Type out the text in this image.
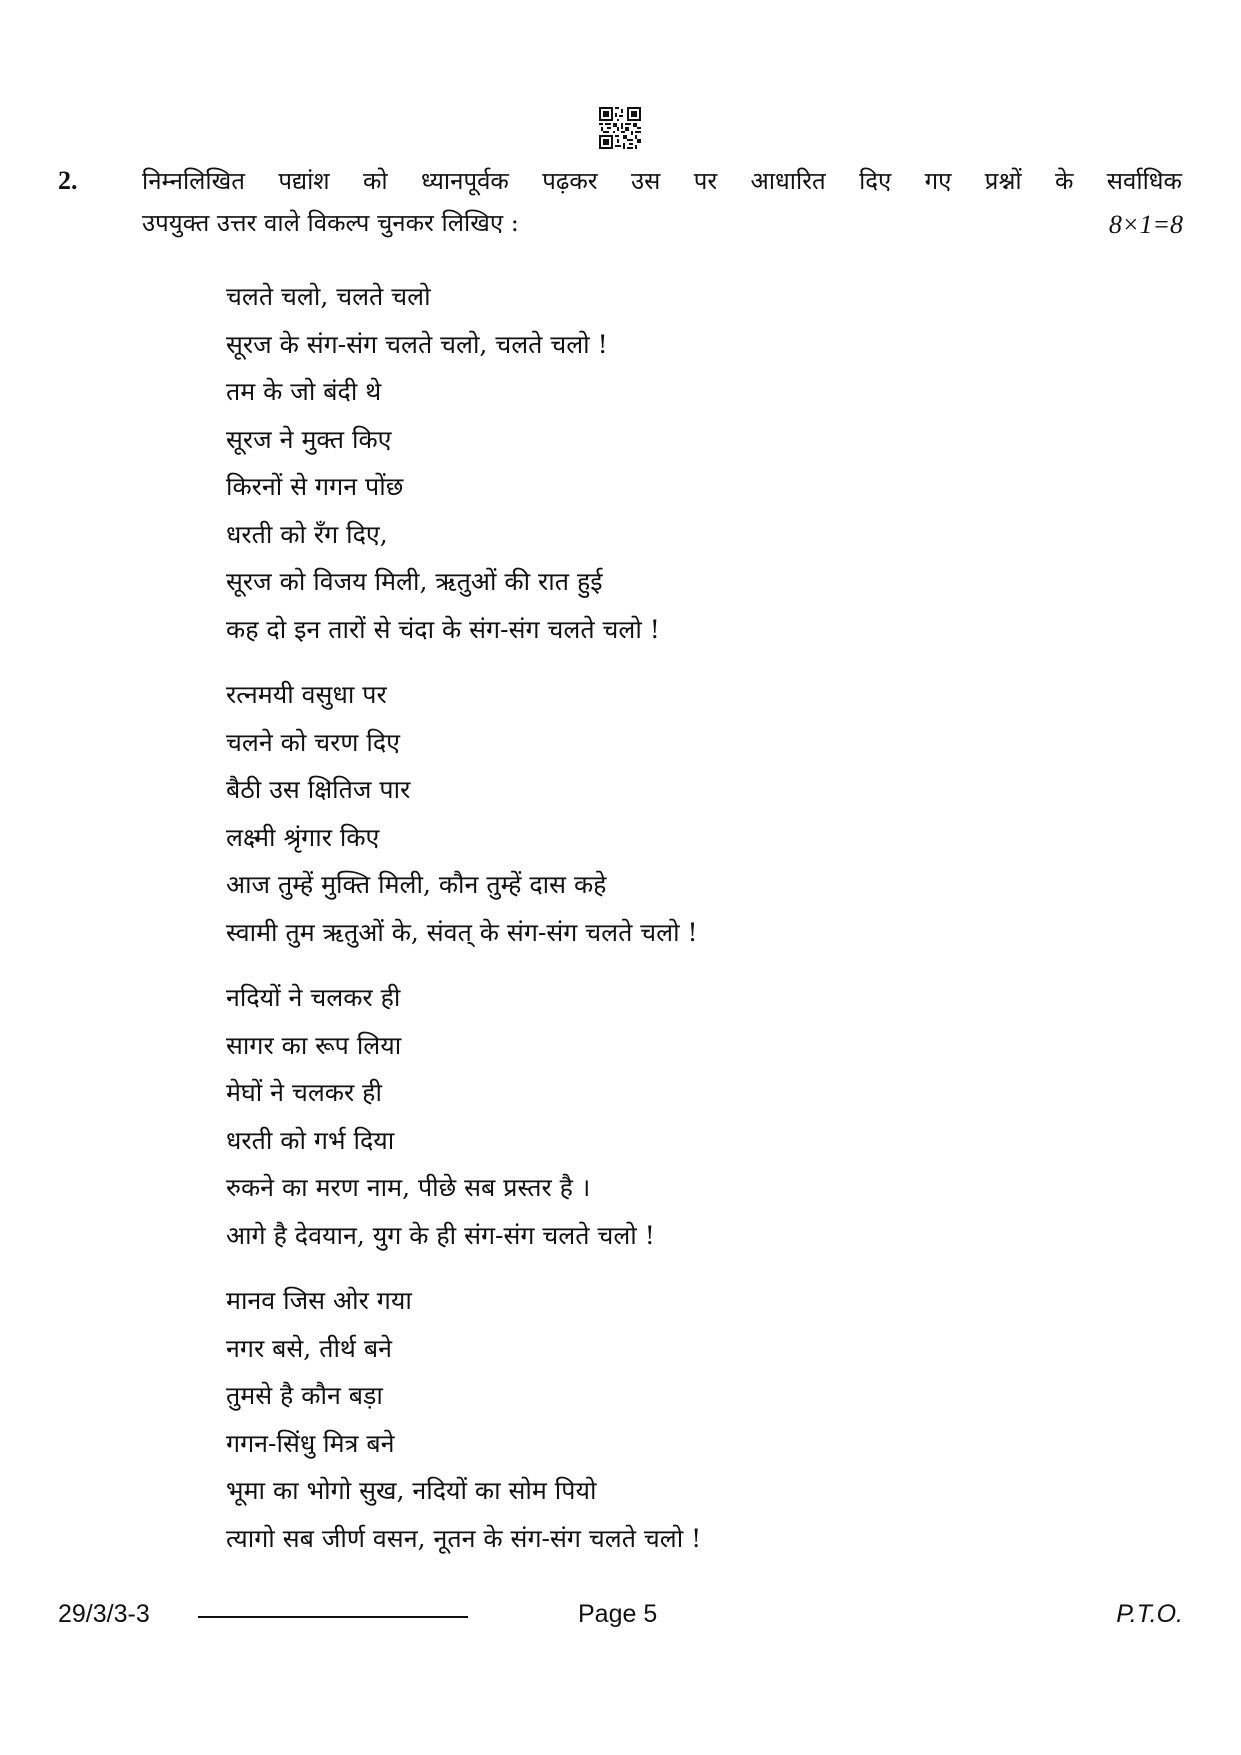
2.	निम्नलिखित पद्यांश को ध्यानपूर्वक पढ़कर उस पर आधारित दिए गए प्रश्नों के सर्वाधिक
उपयुक्त उत्तर वाले विकल्प चुनकर लिखिए :	8×1=8
चलते चलो, चलते चलो
सूरज के संग-संग चलते चलो, चलते चलो !
तम के जो बंदी थे
सूरज ने मुक्त किए
किरनों से गगन पोंछ
धरती को रँग दिए,
सूरज को विजय मिली, ऋतुओं की रात हुई
कह दो इन तारों से चंदा के संग-संग चलते चलो !
रत्नमयी वसुधा पर
चलने को चरण दिए
बैठी उस क्षितिज पार
लक्ष्मी श्रृंगार किए
आज तुम्हें मुक्ति मिली, कौन तुम्हें दास कहे
स्वामी तुम ऋतुओं के, संवत् के संग-संग चलते चलो !
नदियों ने चलकर ही
सागर का रूप लिया
मेघों ने चलकर ही
धरती को गर्भ दिया
रुकने का मरण नाम, पीछे सब प्रस्तर है ।
आगे है देवयान, युग के ही संग-संग चलते चलो !
मानव जिस ओर गया
नगर बसे, तीर्थ बने
तुमसे है कौन बड़ा
गगन-सिंधु मित्र बने
भूमा का भोगो सुख, नदियों का सोम पियो
त्यागो सब जीर्ण वसन, नूतन के संग-संग चलते चलो !
29/3/3-3	Page 5	P.T.O.
